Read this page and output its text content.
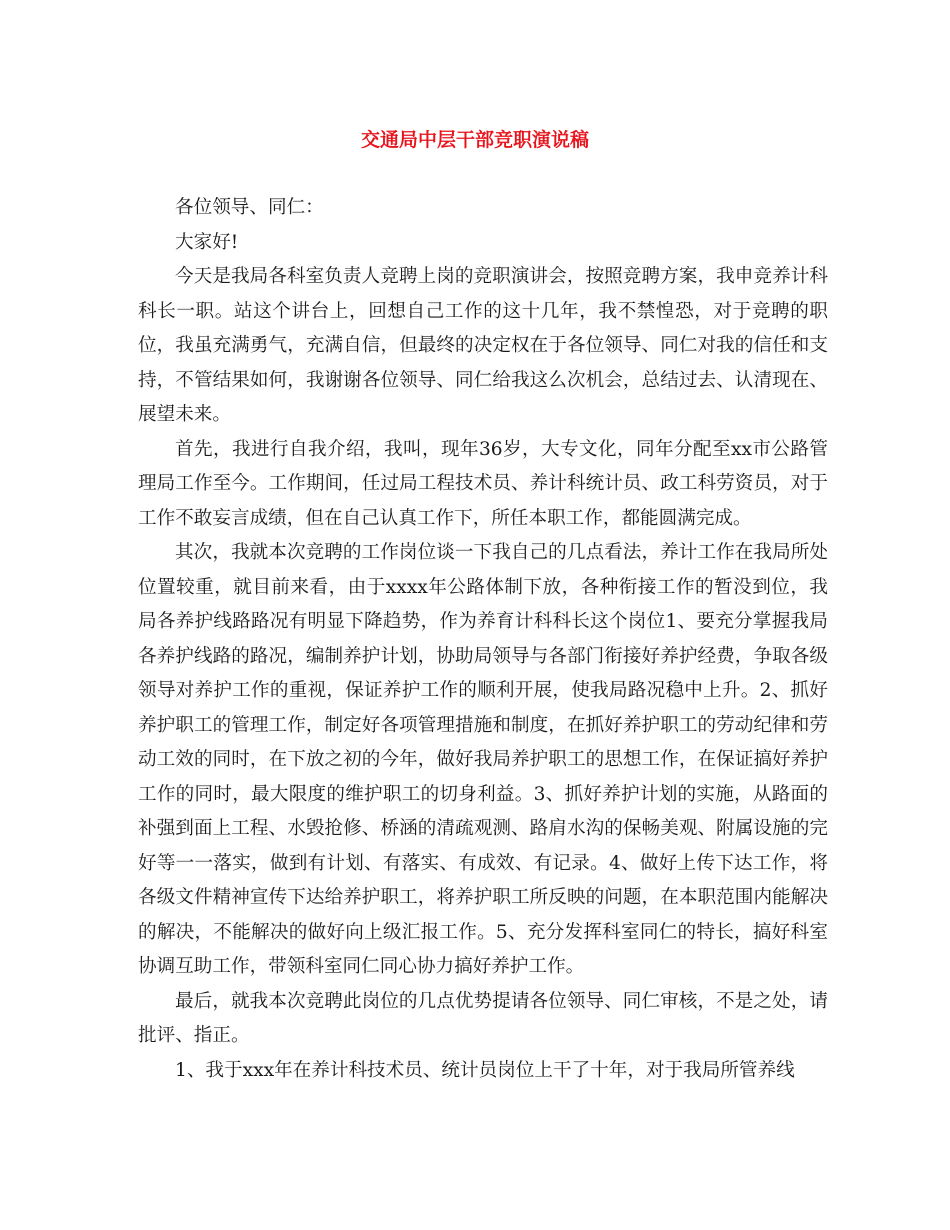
交通局中层干部竞职演说稿

各位领导、同仁：

大家好!

今天是我局各科室负责人竞聘上岗的竞职演讲会，按照竞聘方案，我申竞养计科科长一职。站这个讲台上，回想自己工作的这十几年，我不禁惶恐，对于竞聘的职位，我虽充满勇气，充满自信，但最终的决定权在于各位领导、同仁对我的信任和支持，不管结果如何，我谢谢各位领导、同仁给我这么次机会，总结过去、认清现在、展望未来。

首先，我进行自我介绍，我叫，现年36岁，大专文化，同年分配至xx市公路管理局工作至今。工作期间，任过局工程技术员、养计科统计员、政工科劳资员，对于工作不敢妄言成绩，但在自己认真工作下，所任本职工作，都能圆满完成。

其次，我就本次竞聘的工作岗位谈一下我自己的几点看法，养计工作在我局所处位置较重，就目前来看，由于xxxx年公路体制下放，各种衔接工作的暂没到位，我局各养护线路路况有明显下降趋势，作为养育计科科长这个岗位1、要充分掌握我局各养护线路的路况，编制养护计划，协助局领导与各部门衔接好养护经费，争取各级领导对养护工作的重视，保证养护工作的顺利开展，使我局路况稳中上升。2、抓好养护职工的管理工作，制定好各项管理措施和制度，在抓好养护职工的劳动纪律和劳动工效的同时，在下放之初的今年，做好我局养护职工的思想工作，在保证搞好养护工作的同时，最大限度的维护职工的切身利益。3、抓好养护计划的实施，从路面的补强到面上工程、水毁抢修、桥涵的清疏观测、路肩水沟的保畅美观、附属设施的完好等一一落实，做到有计划、有落实、有成效、有记录。4、做好上传下达工作，将各级文件精神宣传下达给养护职工，将养护职工所反映的问题，在本职范围内能解决的解决，不能解决的做好向上级汇报工作。5、充分发挥科室同仁的特长，搞好科室协调互助工作，带领科室同仁同心协力搞好养护工作。

最后，就我本次竞聘此岗位的几点优势提请各位领导、同仁审核，不是之处，请批评、指正。

1、我于xxx年在养计科技术员、统计员岗位上干了十年，对于我局所管养线
